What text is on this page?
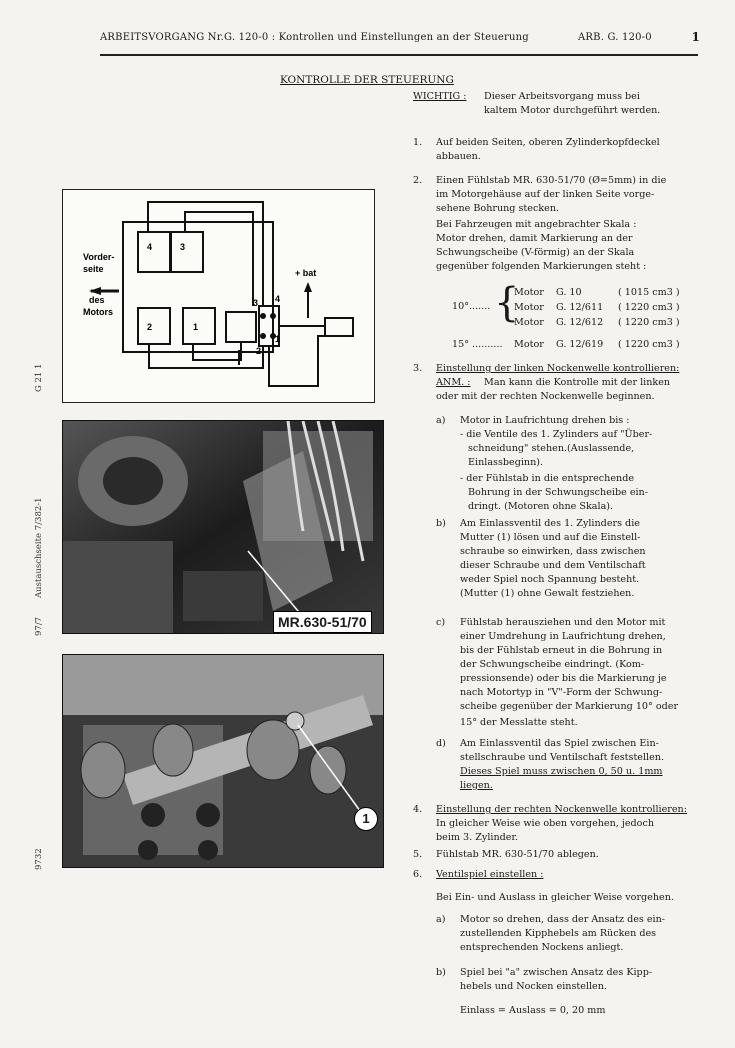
ARBEITSVORGANG Nr.G. 120-0 : Kontrollen und Einstellungen an der Steuerung	ARB. G. 120-0	1
KONTROLLE DER STEUERUNG
G 21 1
Austauschseite 7/382-1
97/7
9732
4	3
2	1
3 4
1
2
+ bat
Vorder-
seite
des
Motors
MR.630-51/70
1
WICHTIG : Dieser Arbeitsvorgang muss bei
kaltem Motor durchgeführt werden.
1. Auf beiden Seiten, oberen Zylinderkopfdeckel
abbauen.
2. Einen Fühlstab MR. 630-51/70 (Ø=5mm) in die
im Motorgehäuse auf der linken Seite vorge-
sehene Bohrung stecken.
Bei Fahrzeugen mit angebrachter Skala :
Motor drehen, damit Markierung an der
Schwungscheibe (V-förmig) an der Skala
gegenüber folgenden Markierungen steht :
10°....... {
Motor G. 10	( 1015 cm3 )
Motor G. 12/611 ( 1220 cm3 )
Motor G. 12/612 ( 1220 cm3 )
15° .......... Motor G. 12/619 ( 1220 cm3 )
3. Einstellung der linken Nockenwelle kontrollieren:
ANM. : Man kann die Kontrolle mit der linken
oder mit der rechten Nockenwelle beginnen.
a) Motor in Laufrichtung drehen bis :
- die Ventile des 1. Zylinders auf "Über-
schneidung" stehen.(Auslassende,
Einlassbeginn).
- der Fühlstab in die entsprechende
Bohrung in der Schwungscheibe ein-
dringt. (Motoren ohne Skala).
b) Am Einlassventil des 1. Zylinders die
Mutter (1) lösen und auf die Einstell-
schraube so einwirken, dass zwischen
dieser Schraube und dem Ventilschaft
weder Spiel noch Spannung besteht.
(Mutter (1) ohne Gewalt festziehen.
c) Fühlstab herausziehen und den Motor mit
einer Umdrehung in Laufrichtung drehen,
bis der Fühlstab erneut in die Bohrung in
der Schwungscheibe eindringt. (Kom-
pressionsende) oder bis die Markierung je
nach Motortyp in "V"-Form der Schwung-
scheibe gegenüber der Markierung 10° oder
15° der Messlatte steht.
d) Am Einlassventil das Spiel zwischen Ein-
stellschraube und Ventilschaft feststellen.
Dieses Spiel muss zwischen 0, 50 u. 1mm
liegen.
4. Einstellung der rechten Nockenwelle kontrollieren:
In gleicher Weise wie oben vorgehen, jedoch
beim 3. Zylinder.
5. Fühlstab MR. 630-51/70 ablegen.
6. Ventilspiel einstellen :
Bei Ein- und Auslass in gleicher Weise vorgehen.
a) Motor so drehen, dass der Ansatz des ein-
zustellenden Kipphebels am Rücken des
entsprechenden Nockens anliegt.
b) Spiel bei "a" zwischen Ansatz des Kipp-
hebels und Nocken einstellen.
Einlass = Auslass = 0, 20 mm
